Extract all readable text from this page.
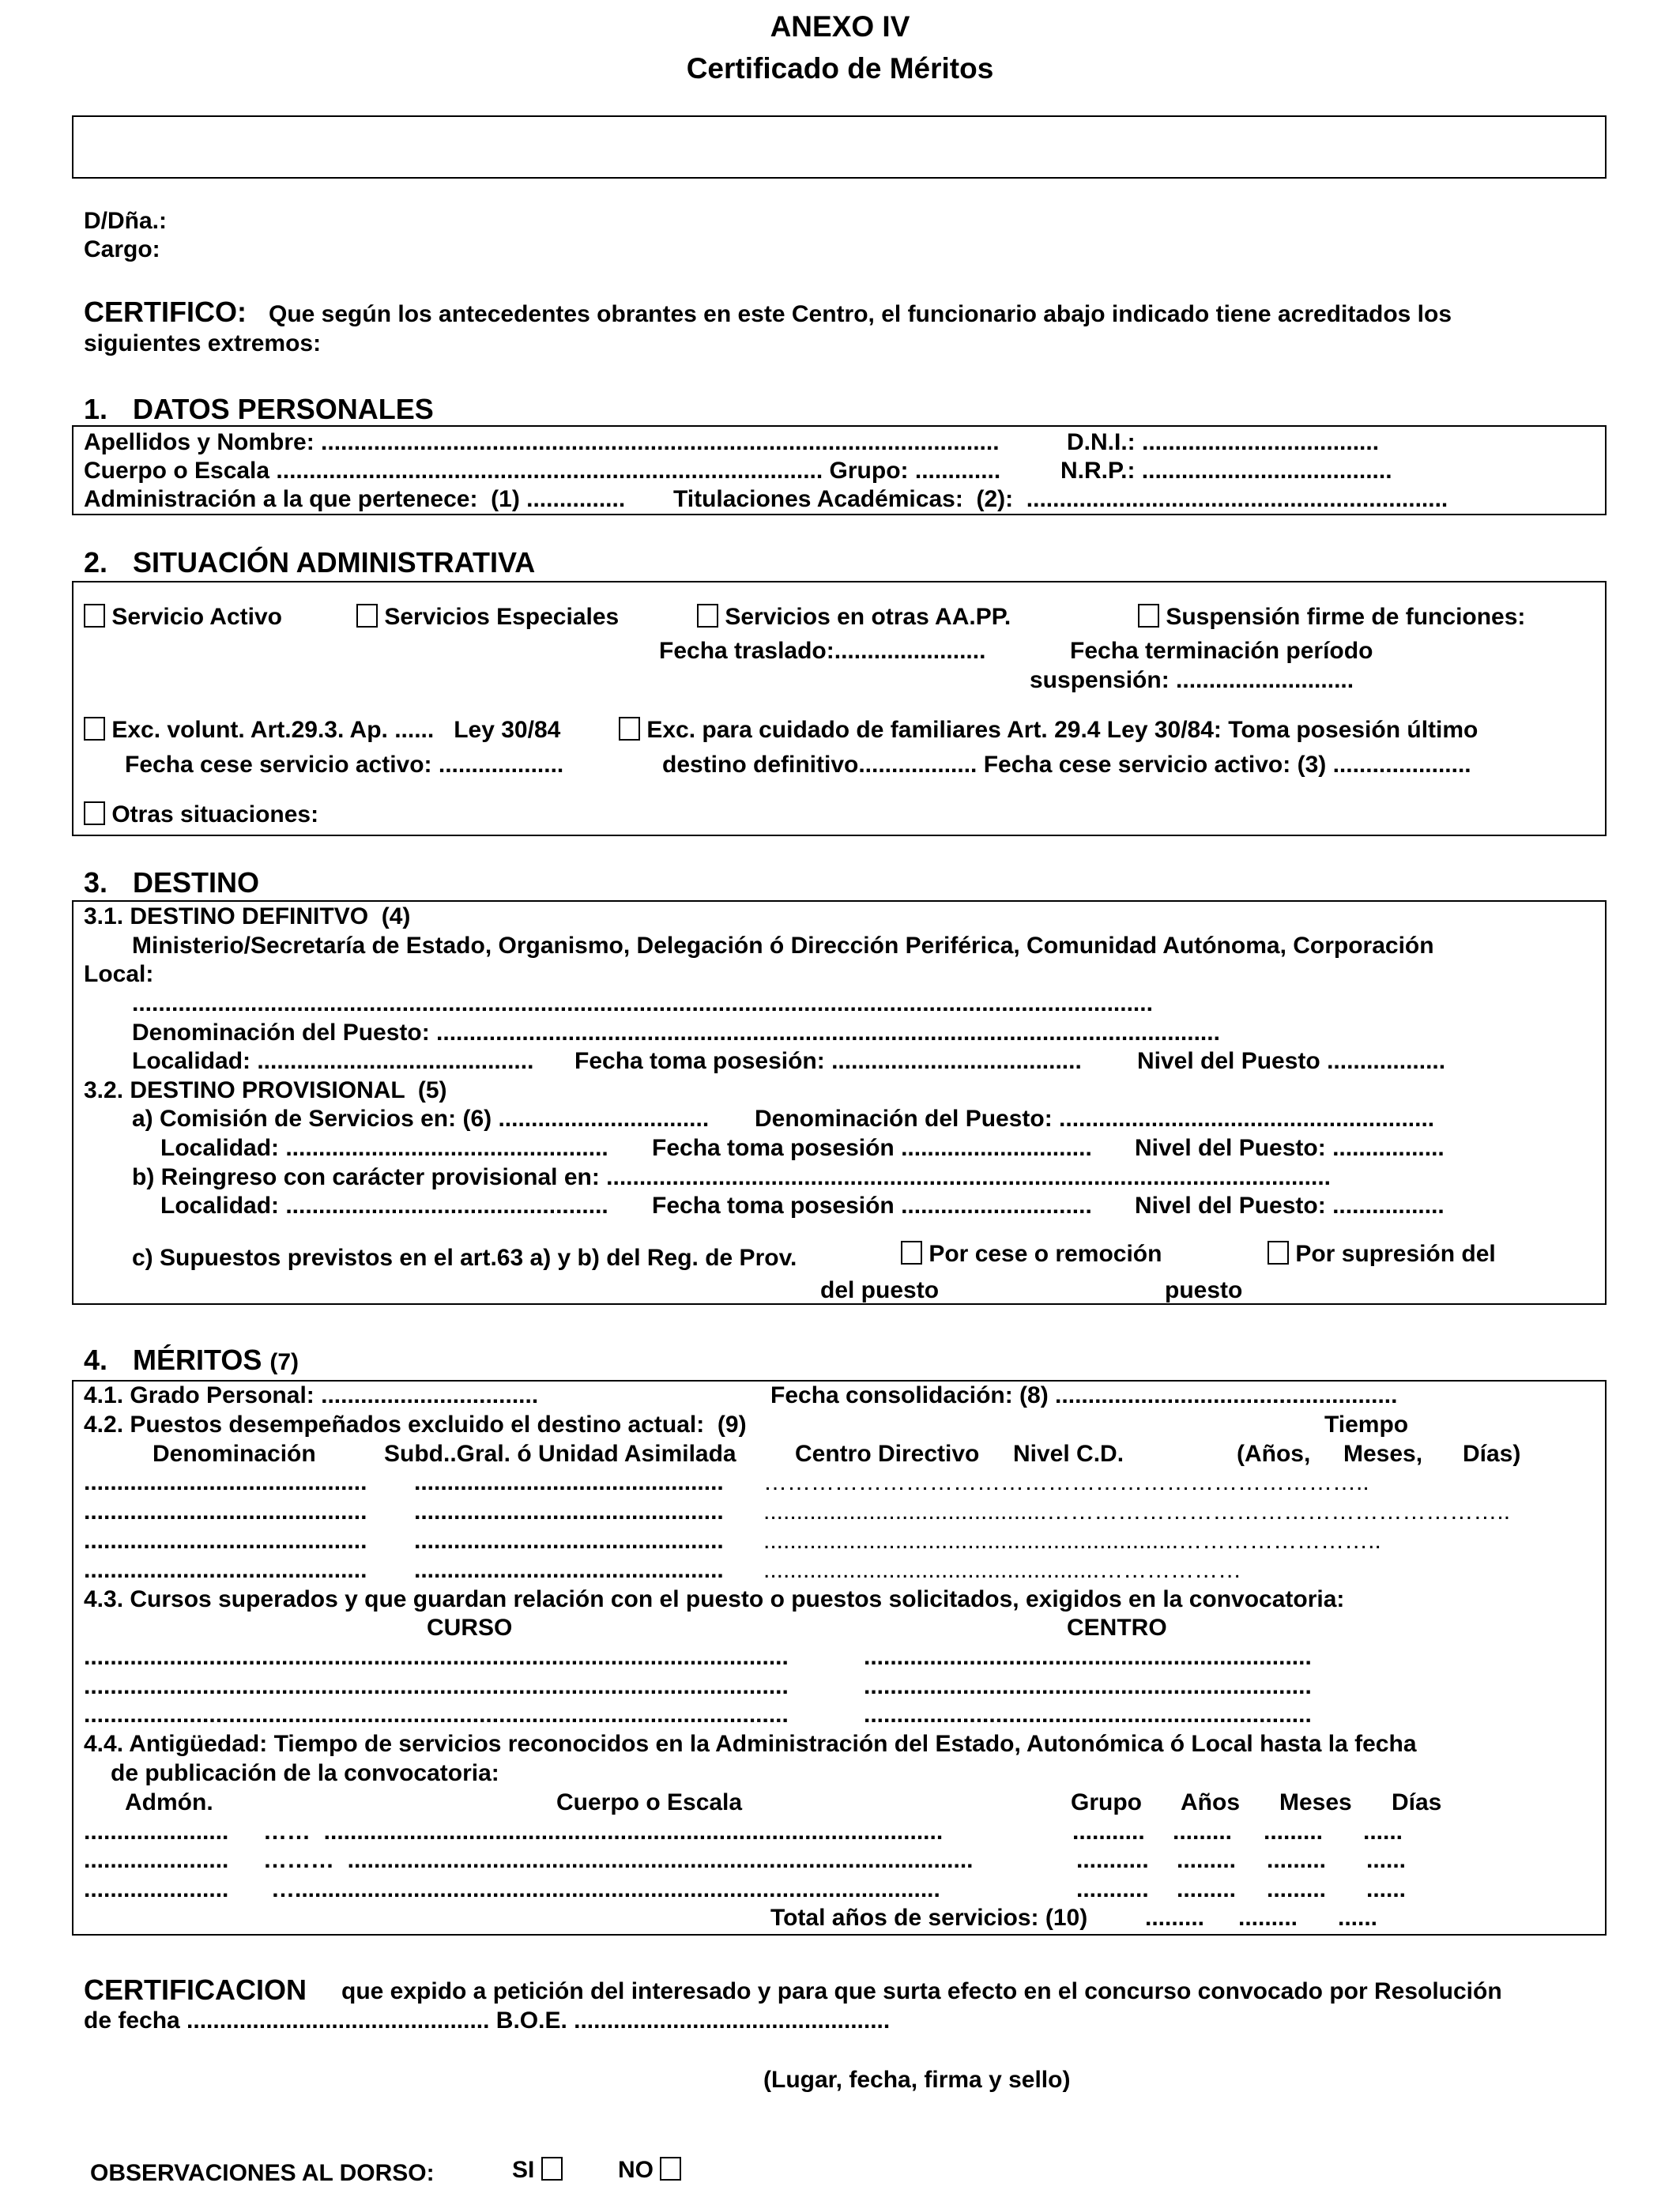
ANEXO IV
Certificado de Méritos
D/Dña.:
Cargo:
CERTIFICO: Que según los antecedentes obrantes en este Centro, el funcionario abajo indicado tiene acreditados los
siguientes extremos:
1. DATOS PERSONALES
Apellidos y Nombre: .......................................................................................................	D.N.I.: ....................................
Cuerpo o Escala ................................................................................... Grupo: .............	N.R.P.: ......................................
Administración a la que pertenece:  (1) ............... Titulaciones Académicas:  (2):  ................................................................
2. SITUACIÓN ADMINISTRATIVA
Servicio Activo	Servicios Especiales	Servicios en otras AA.PP.	Suspensión firme de funciones:
Fecha traslado:.......................	Fecha terminación período
suspensión: ...........................
Exc. volunt. Art.29.3. Ap. ......   Ley 30/84	Exc. para cuidado de familiares Art. 29.4 Ley 30/84: Toma posesión último
Fecha cese servicio activo: ...................	destino definitivo.................. Fecha cese servicio activo: (3) .....................
Otras situaciones:
3. DESTINO
3.1. DESTINO DEFINITVO  (4)
Ministerio/Secretaría de Estado, Organismo, Delegación ó Dirección Periférica, Comunidad Autónoma, Corporación
Local:
...........................................................................................................................................................
Denominación del Puesto: .......................................................................................................................
Localidad: .......................................... Fecha toma posesión: ...................................... Nivel del Puesto ..................
3.2. DESTINO PROVISIONAL  (5)
a) Comisión de Servicios en: (6) ................................ Denominación del Puesto: .........................................................
Localidad: ................................................. Fecha toma posesión ............................. Nivel del Puesto: .................
b) Reingreso con carácter provisional en: ..............................................................................................................
Localidad: ................................................. Fecha toma posesión ............................. Nivel del Puesto: .................
c) Supuestos previstos en el art.63 a) y b) del Reg. de Prov.	Por cese o remoción	Por supresión del
del puesto	puesto
4. MÉRITOS (7)
4.1. Grado Personal: .................................	Fecha consolidación: (8) ....................................................
4.2. Puestos desempeñados excluido el destino actual:  (9)	Tiempo
Denominación	Subd..Gral. ó Unidad Asimilada Centro Directivo Nivel C.D.	(Años, Meses, Días)
........................................... ............................................... …………………………………………………………………..
........................................... ............................................... ...........................................…………………………………………………..
........................................... ............................................... ...............................................................……………………..
........................................... ............................................... ...................................................………………
4.3. Cursos superados y que guardan relación con el puesto o puestos solicitados, exigidos en la convocatoria:
CURSO	CENTRO
...........................................................................................................	....................................................................
...........................................................................................................	....................................................................
...........................................................................................................	....................................................................
4.4. Antigüedad: Tiempo de servicios reconocidos en la Administración del Estado, Autonómica ó Local hasta la fecha
de publicación de la convocatoria:
Admón.	Cuerpo o Escala	Grupo Años Meses Días
...................... ……  ..............................................................................................	........... ......... ......... ......
...................... ………  ...............................................................................................	........... ......... ......... ......
...................... …..................................................................................................	........... ......... ......... ......
Total años de servicios: (10) ......... ......... ......
CERTIFICACION que expido a petición del interesado y para que surta efecto en el concurso convocado por Resolución
de fecha .............................................. B.O.E. ................................................
(Lugar, fecha, firma y sello)
OBSERVACIONES AL DORSO:	SI	NO
